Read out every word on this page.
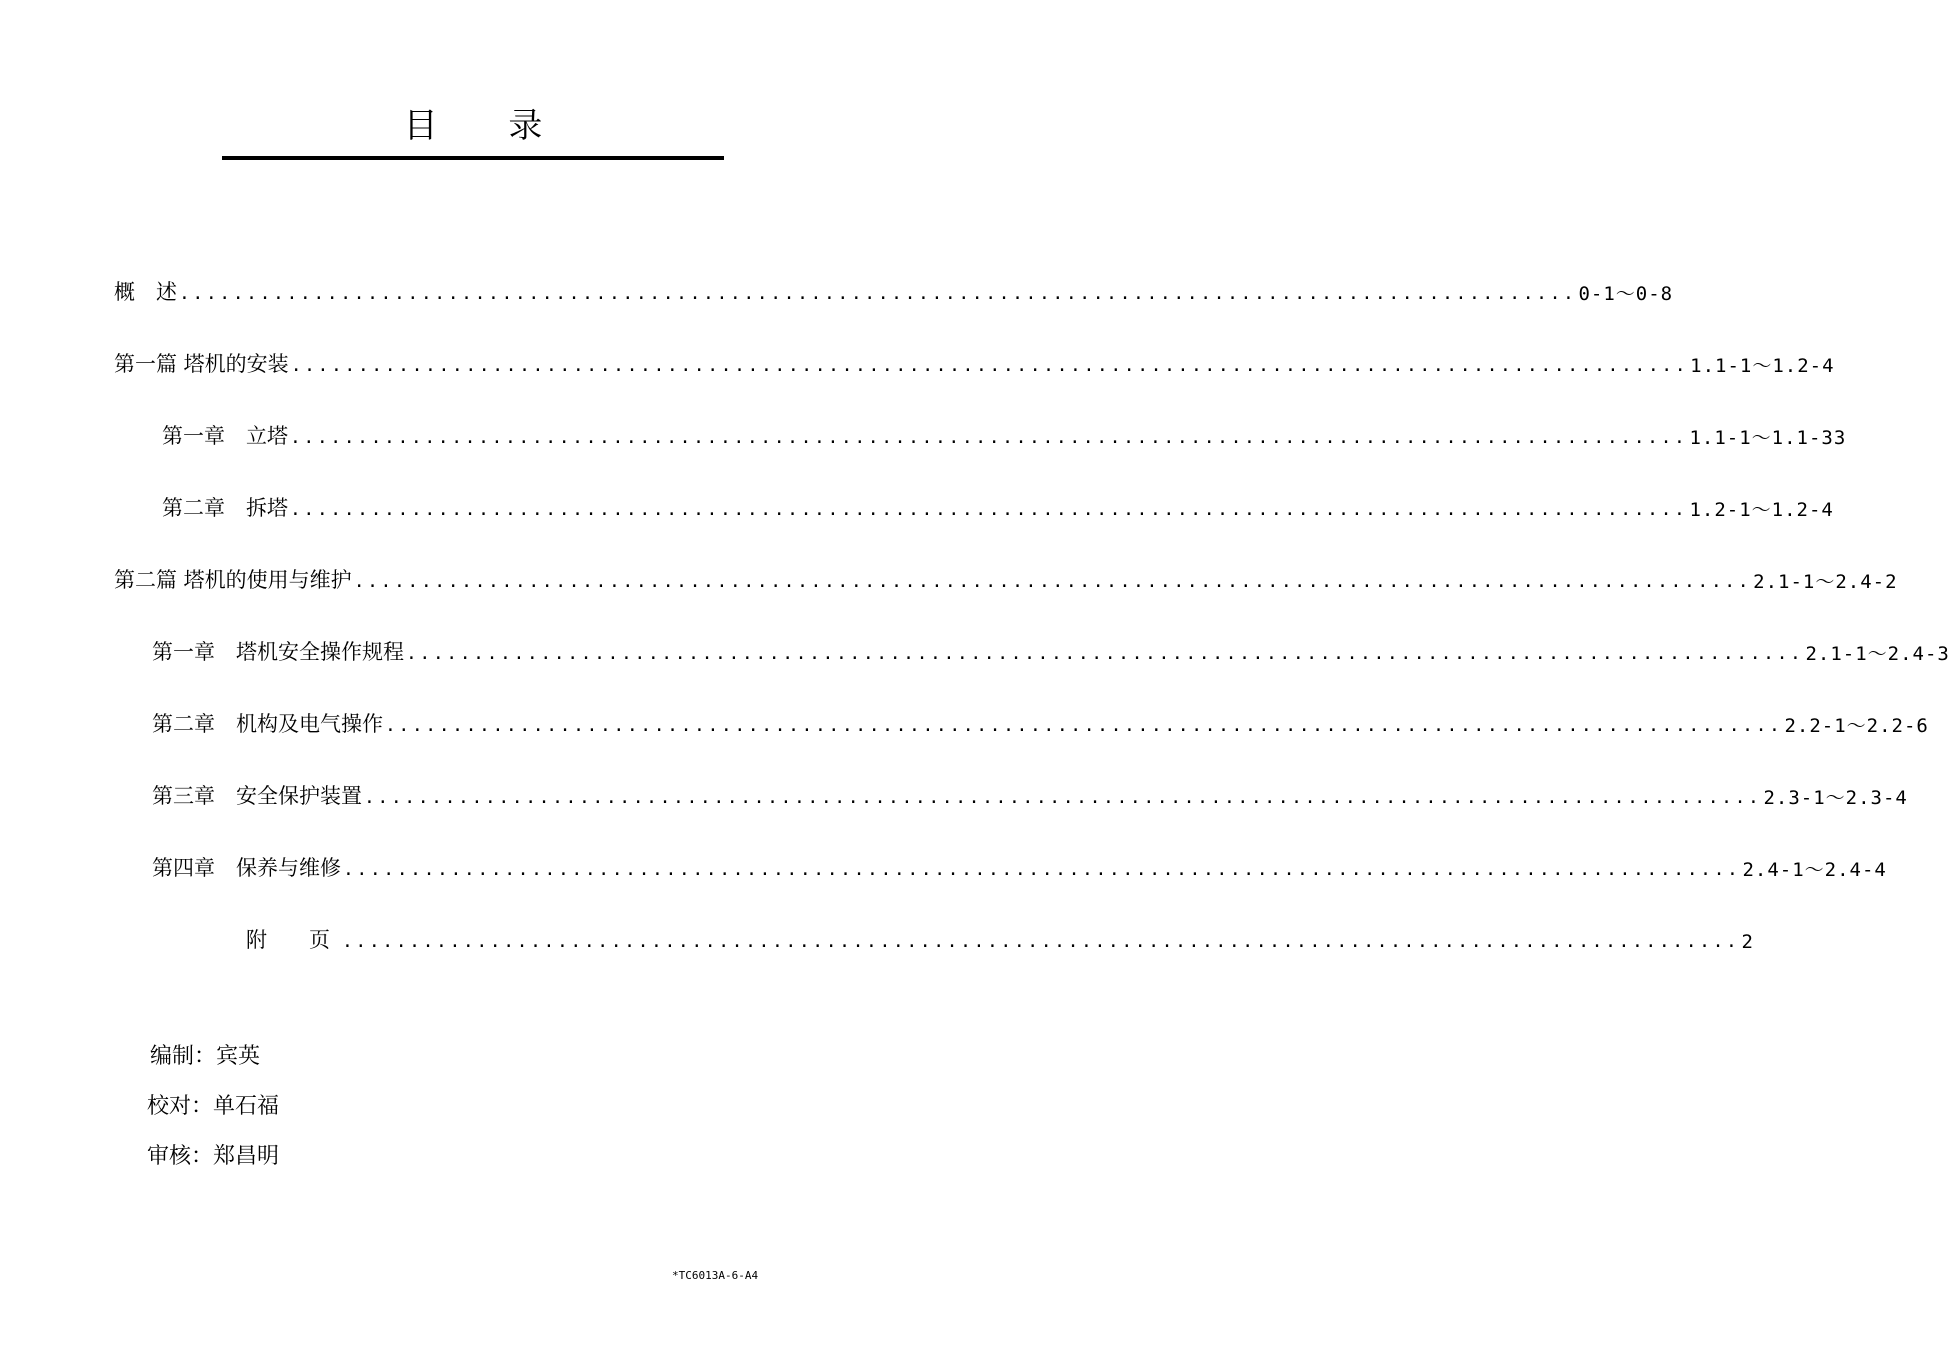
目 录
概　述 ........................................................................................................ 0-1～0-8
第一篇 塔机的安装 ........................................................................................................ 1.1-1～1.2-4
第一章　立塔 ........................................................................................................ 1.1-1～1.1-33
第二章　拆塔 ........................................................................................................ 1.2-1～1.2-4
第二篇 塔机的使用与维护 ........................................................................................................ 2.1-1～2.4-2
第一章　塔机安全操作规程 ........................................................................................................ 2.1-1～2.4-3
第二章　机构及电气操作 ........................................................................................................ 2.2-1～2.2-6
第三章　安全保护装置 ........................................................................................................ 2.3-1～2.3-4
第四章　保养与维修 ........................................................................................................ 2.4-1～2.4-4
附　　页 ........................................................................................................ 2
编制：宾英
校对：单石福
审核：郑昌明
*TC6013A-6-A4
